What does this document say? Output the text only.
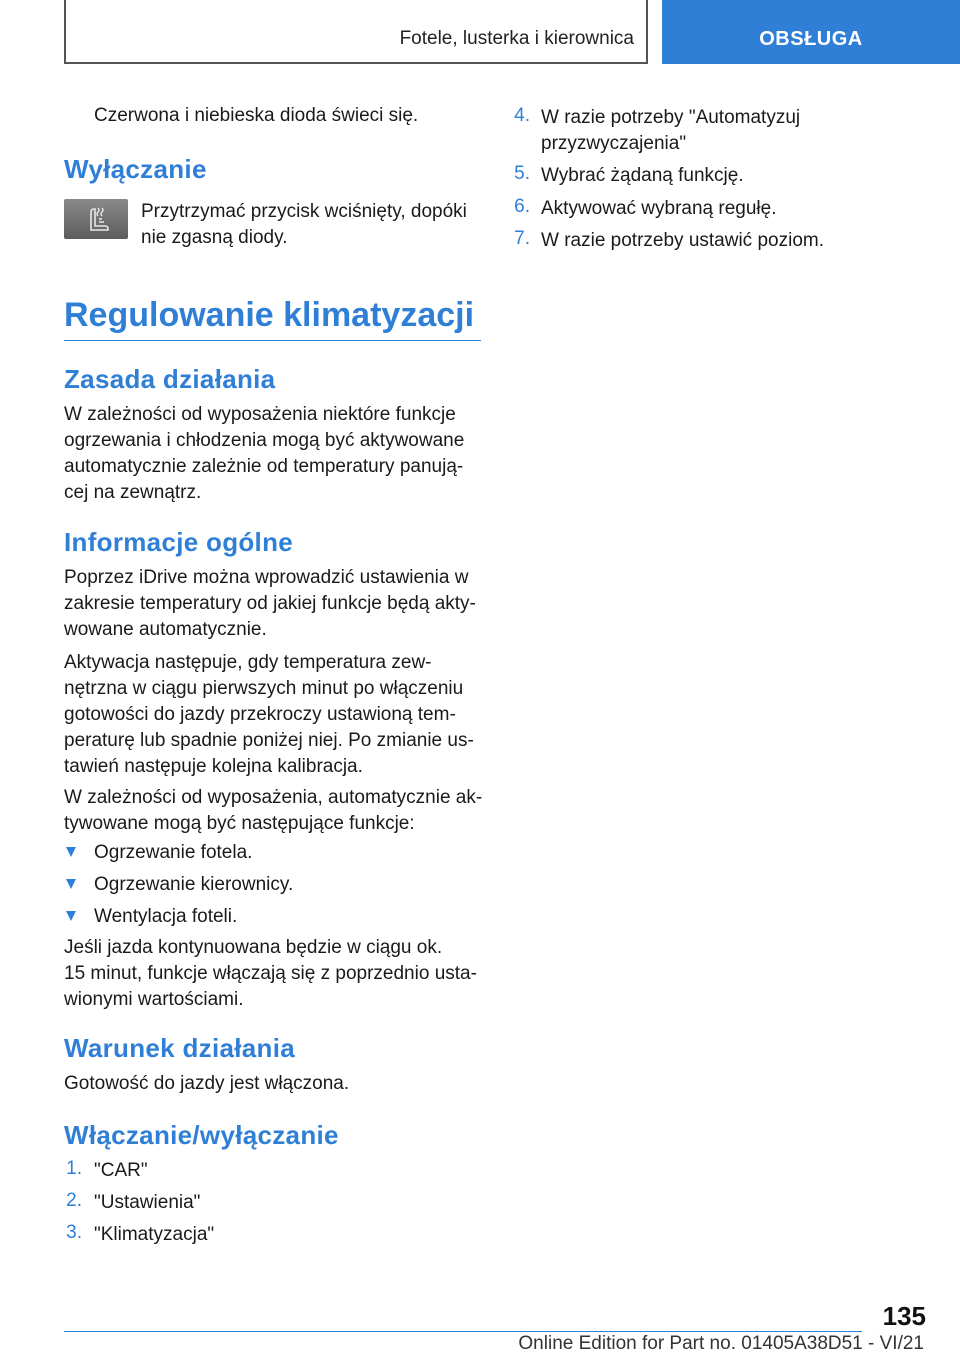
Fotele, lusterka i kierownica	OBSŁUGA

Czerwona i niebieska dioda świeci się.

Wyłączanie

Przytrzymać przycisk wciśnięty, dopóki

nie zgasną diody.

Regulowanie klimatyzacji
Zasada działania

W zależności od wyposażenia niektóre funkcje

ogrzewania i chłodzenia mogą być aktywowane

automatycznie zależnie od temperatury panują-

cej na zewnątrz.

Informacje ogólne

Poprzez iDrive można wprowadzić ustawienia w

zakresie temperatury od jakiej funkcje będą akty-

wowane automatycznie.

Aktywacja następuje, gdy temperatura zew-

nętrzna w ciągu pierwszych minut po włączeniu

gotowości do jazdy przekroczy ustawioną tem-

peraturę lub spadnie poniżej niej. Po zmianie us-

tawień następuje kolejna kalibracja.

W zależności od wyposażenia, automatycznie ak-

tywowane mogą być następujące funkcje:

Ogrzewanie fotela.
Ogrzewanie kierownicy.
Wentylacja foteli.

Jeśli jazda kontynuowana będzie w ciągu ok.

15 minut, funkcje włączają się z poprzednio usta-

wionymi wartościami.

Warunek działania

Gotowość do jazdy jest włączona.

Włączanie/wyłączanie
1. "CAR"
2. "Ustawienia"
3. "Klimatyzacja"
4. W razie potrzeby "Automatyzuj
przyzwyczajenia"
5. Wybrać żądaną funkcję.
6. Aktywować wybraną regułę.
7. W razie potrzeby ustawić poziom.
135
Online Edition for Part no. 01405A38D51 - VI/21
